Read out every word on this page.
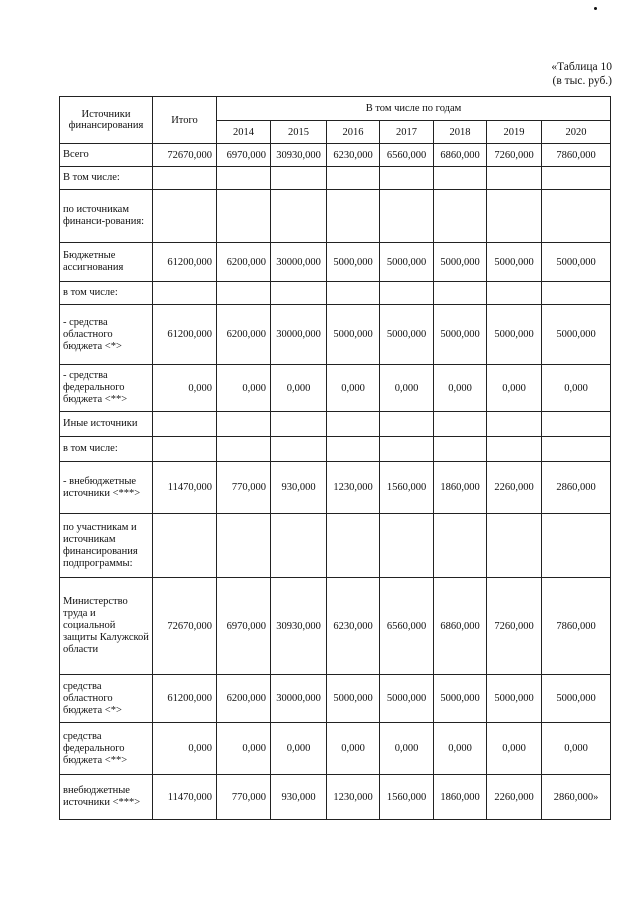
«Таблица 10
(в тыс. руб.)
Источники финансирования	Итого	В том числе по годам						
		2014	2015	2016	2017	2018	2019	2020
Всего	72670,000	6970,000	30930,000	6230,000	6560,000	6860,000	7260,000	7860,000
В том числе:								
по источникам финанси-рования:								
Бюджетные ассигнования	61200,000	6200,000	30000,000	5000,000	5000,000	5000,000	5000,000	5000,000
в том числе:								
- средства областного бюджета <*>	61200,000	6200,000	30000,000	5000,000	5000,000	5000,000	5000,000	5000,000
- средства федерального бюджета <**>	0,000	0,000	0,000	0,000	0,000	0,000	0,000	0,000
Иные источники								
в том числе:								
- внебюджетные источники <***>	11470,000	770,000	930,000	1230,000	1560,000	1860,000	2260,000	2860,000
по участникам и источникам финансирования подпрограммы:								
Министерство труда и социальной защиты Калужской области	72670,000	6970,000	30930,000	6230,000	6560,000	6860,000	7260,000	7860,000
средства областного бюджета <*>	61200,000	6200,000	30000,000	5000,000	5000,000	5000,000	5000,000	5000,000
средства федерального бюджета <**>	0,000	0,000	0,000	0,000	0,000	0,000	0,000	0,000
внебюджетные источники <***>	11470,000	770,000	930,000	1230,000	1560,000	1860,000	2260,000	2860,000»
